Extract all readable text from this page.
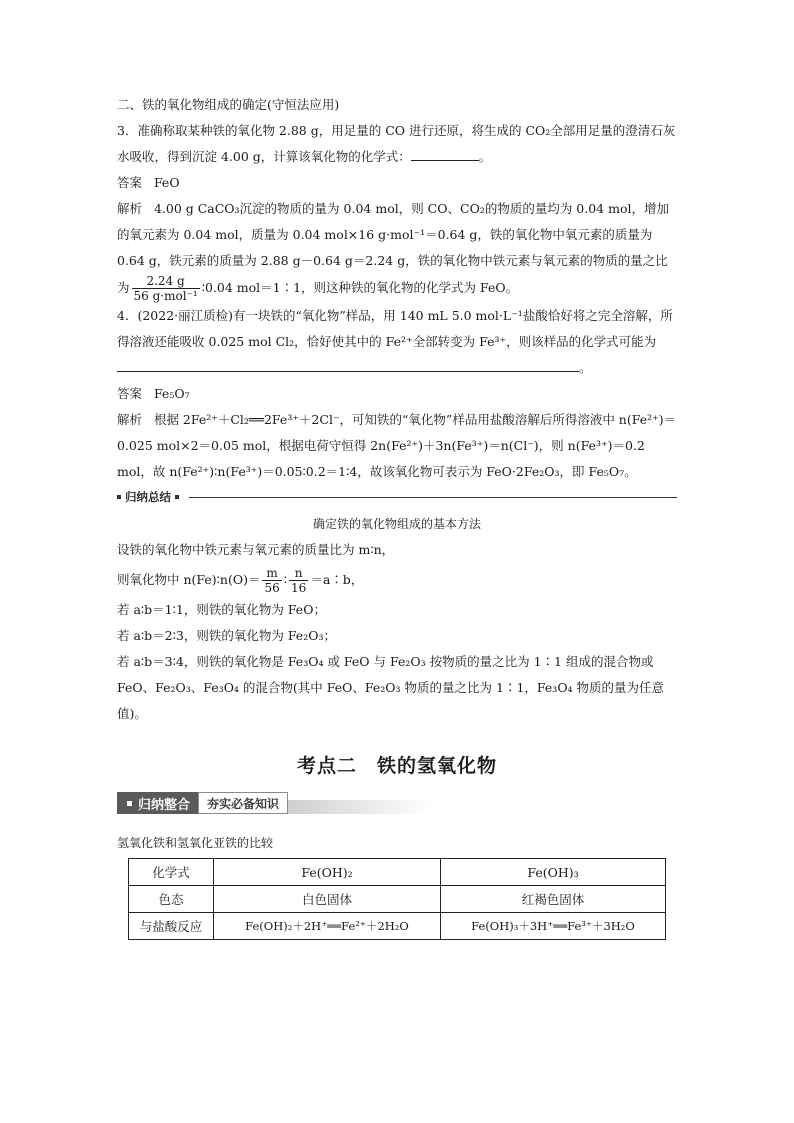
二、铁的氧化物组成的确定(守恒法应用)
3．准确称取某种铁的氧化物 2.88 g，用足量的 CO 进行还原，将生成的 CO₂全部用足量的澄清石灰水吸收，得到沉淀 4.00 g，计算该氧化物的化学式：	。
答案 FeO
解析 4.00 g CaCO₃沉淀的物质的量为 0.04 mol，则 CO、CO₂的物质的量均为 0.04 mol，增加的氧元素为 0.04 mol，质量为 0.04 mol×16 g·mol⁻¹＝0.64 g，铁的氧化物中氧元素的质量为 0.64 g，铁元素的质量为 2.88 g－0.64 g＝2.24 g，铁的氧化物中铁元素与氧元素的物质的量之比为 $\frac{2.24 g}{\text{56 g·mol⁻¹}}$ ∶0.04 mol＝1∶1，则这种铁的氧化物的化学式为 FeO。
4．(2022·丽江质检)有一块铁的“氧化物”样品，用 140 mL 5.0 mol·L⁻¹盐酸恰好将之完全溶解，所得溶液还能吸收 0.025 mol Cl₂，恰好使其中的 Fe²⁺全部转变为 Fe³⁺，则该样品的化学式可能为。
答案 Fe₅O₇
解析 根据 2Fe²⁺＋Cl₂══2Fe³⁺＋2Cl⁻，可知铁的“氧化物”样品用盐酸溶解后所得溶液中 n(Fe²⁺)＝0.025 mol×2＝0.05 mol，根据电荷守恒得 2n(Fe²⁺)＋3n(Fe³⁺)＝n(Cl⁻)，则 n(Fe³⁺)＝0.2 mol，故 n(Fe²⁺)∶n(Fe³⁺)＝0.05∶0.2＝1∶4，故该氧化物可表示为 FeO·2Fe₂O₃，即 Fe₅O₇。
归纳总结
确定铁的氧化物组成的基本方法
设铁的氧化物中铁元素与氧元素的质量比为 m∶n，
则氧化物中 n(Fe)∶n(O)＝ $\frac{m}{56}$ ∶ $\frac{n}{16}$ ＝a∶b，
若 a∶b＝1∶1，则铁的氧化物为 FeO；
若 a∶b＝2∶3，则铁的氧化物为 Fe₂O₃；
若 a∶b＝3∶4，则铁的氧化物是 Fe₃O₄ 或 FeO 与 Fe₂O₃ 按物质的量之比为 1∶1 组成的混合物或 FeO、Fe₂O₃、Fe₃O₄ 的混合物(其中 FeO、Fe₂O₃ 物质的量之比为 1∶1，Fe₃O₄ 物质的量为任意值)。
考点二　铁的氢氧化物
归纳整合	夯实必备知识
氢氧化铁和氢氧化亚铁的比较
化学式	Fe(OH)₂	Fe(OH)₃
色态	白色固体	红褐色固体
与盐酸反应	Fe(OH)₂＋2H⁺══Fe²⁺＋2H₂O	Fe(OH)₃＋3H⁺══Fe³⁺＋3H₂O
